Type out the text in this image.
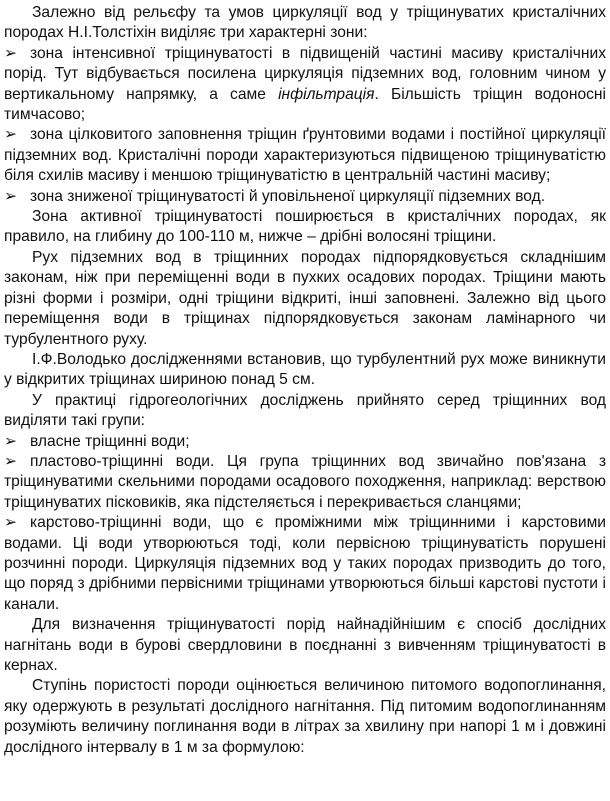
Залежно від рельєфу та умов циркуляції вод у тріщинуватих кристалічних породах Н.І.Толстіхін виділяє три характерні зони:

➢ зона інтенсивної тріщинуватості в підвищеній частині масиву кристалічних порід. Тут відбувається посилена циркуляція підземних вод, головним чином у вертикальному напрямку, а саме інфільтрація. Більшість тріщин водоносні тимчасово;

➢ зона цілковитого заповнення тріщин ґрунтовими водами і постійної циркуляції підземних вод. Кристалічні породи характеризуються підвищеною тріщинуватістю біля схилів масиву і меншою тріщинуватістю в центральній частині масиву;

➢ зона зниженої тріщинуватості й уповільненої циркуляції підземних вод.

Зона активної тріщинуватості поширюється в кристалічних породах, як правило, на глибину до 100-110 м, нижче – дрібні волосяні тріщини.

Рух підземних вод в тріщинних породах підпорядковується складнішим законам, ніж при переміщенні води в пухких осадових породах. Тріщини мають різні форми і розміри, одні тріщини відкриті, інші заповнені. Залежно від цього переміщення води в тріщинах підпорядковується законам ламінарного чи турбулентного руху.

І.Ф.Володько дослідженнями встановив, що турбулентний рух може виникнути у відкритих тріщинах шириною понад 5 см.

У практиці гідрогеологічних досліджень прийнято серед тріщинних вод виділяти такі групи:

➢ власне тріщинні води;

➢ пластово-тріщинні води. Ця група тріщинних вод звичайно пов'язана з тріщинуватими скельними породами осадового походження, наприклад: верствою тріщинуватих пісковиків, яка підстеляється і перекривається сланцями;

➢ карстово-тріщинні води, що є проміжними між тріщинними і карстовими водами. Ці води утворюються тоді, коли первісною тріщинуватість порушені розчинні породи. Циркуляція підземних вод у таких породах призводить до того, що поряд з дрібними первісними тріщинами утворюються більші карстові пустоти і канали.

Для визначення тріщинуватості порід найнадійнішим є спосіб дослідних нагнітань води в бурові свердловини в поєднанні з вивченням тріщинуватості в кернах.

Ступінь пористості породи оцінюється величиною питомого водопоглинання, яку одержують в результаті дослідного нагнітання. Під питомим водопоглинанням розуміють величину поглинання води в літрах за хвилину при напорі 1 м і довжині дослідного інтервалу в 1 м за формулою:
